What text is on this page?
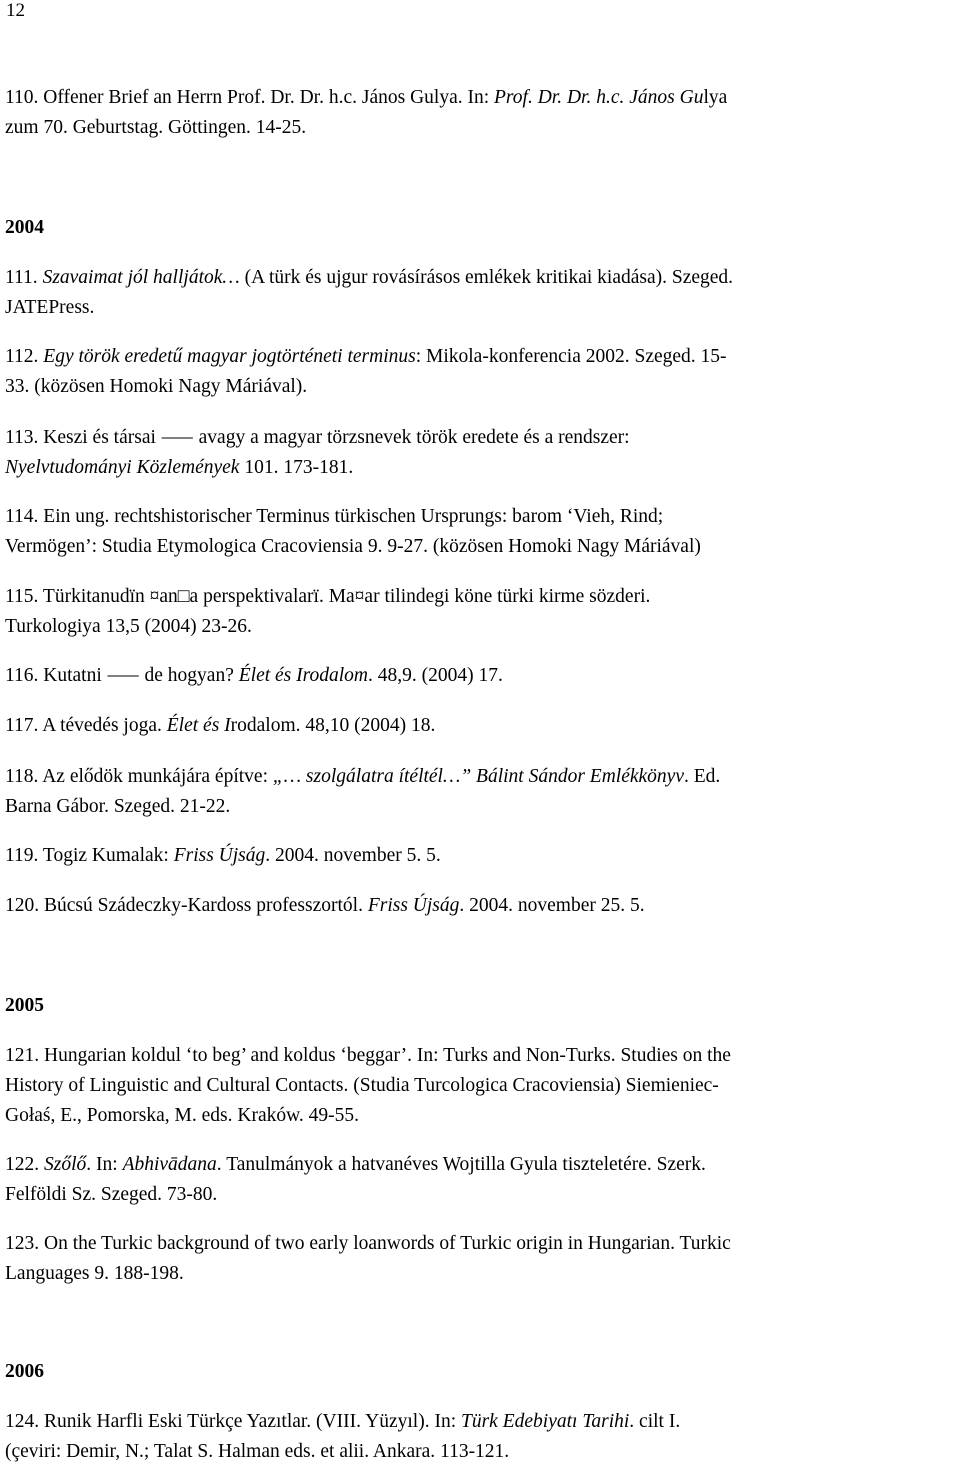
12
110. Offener Brief an Herrn Prof. Dr. Dr. h.c. János Gulya. In: Prof. Dr. Dr. h.c. János Gulya
zum 70. Geburtstag. Göttingen. 14-25.
2004
111. Szavaimat jól halljátok… (A türk és ujgur rovásírásos emlékek kritikai kiadása). Szeged.
JATEPress.
112. Egy török eredetű magyar jogtörténeti terminus: Mikola-konferencia 2002. Szeged. 15-
33. (közösen Homoki Nagy Máriával).
113. Keszi és társai ⸺ avagy a magyar törzsnevek török eredete és a rendszer:
Nyelvtudományi Közlemények 101. 173-181.
114. Ein ung. rechtshistorischer Terminus türkischen Ursprungs: barom ‘Vieh, Rind;
Vermögen’: Studia Etymologica Cracoviensia 9. 9-27. (közösen Homoki Nagy Máriával)
115. Türkitanudïn ¤an□a perspektivalarï. Ma¤ar tilindegi köne türki kirme sözderi.
Turkologiya 13,5 (2004) 23-26.
116. Kutatni ⸺ de hogyan? Élet és Irodalom. 48,9. (2004) 17.
117. A tévedés joga. Élet és Irodalom. 48,10 (2004) 18.
118. Az elődök munkájára építve: „… szolgálatra ítéltél…” Bálint Sándor Emlékkönyv. Ed.
Barna Gábor. Szeged. 21-22.
119. Togiz Kumalak: Friss Újság. 2004. november 5. 5.
120. Búcsú Szádeczky-Kardoss professzortól. Friss Újság. 2004. november 25. 5.
2005
121. Hungarian koldul ‘to beg’ and koldus ‘beggar’. In: Turks and Non-Turks. Studies on the
History of Linguistic and Cultural Contacts. (Studia Turcologica Cracoviensia) Siemieniec-
Gołaś, E., Pomorska, M. eds. Kraków. 49-55.
122. Szőlő. In: Abhivādana. Tanulmányok a hatvanéves Wojtilla Gyula tiszteletére. Szerk.
Felföldi Sz. Szeged. 73-80.
123. On the Turkic background of two early loanwords of Turkic origin in Hungarian. Turkic
Languages 9. 188-198.
2006
124. Runik Harfli Eski Türkçe Yazıtlar. (VIII. Yüzyıl). In: Türk Edebiyatı Tarihi. cilt I.
(çeviri: Demir, N.; Talat S. Halman eds. et alii. Ankara. 113-121.
